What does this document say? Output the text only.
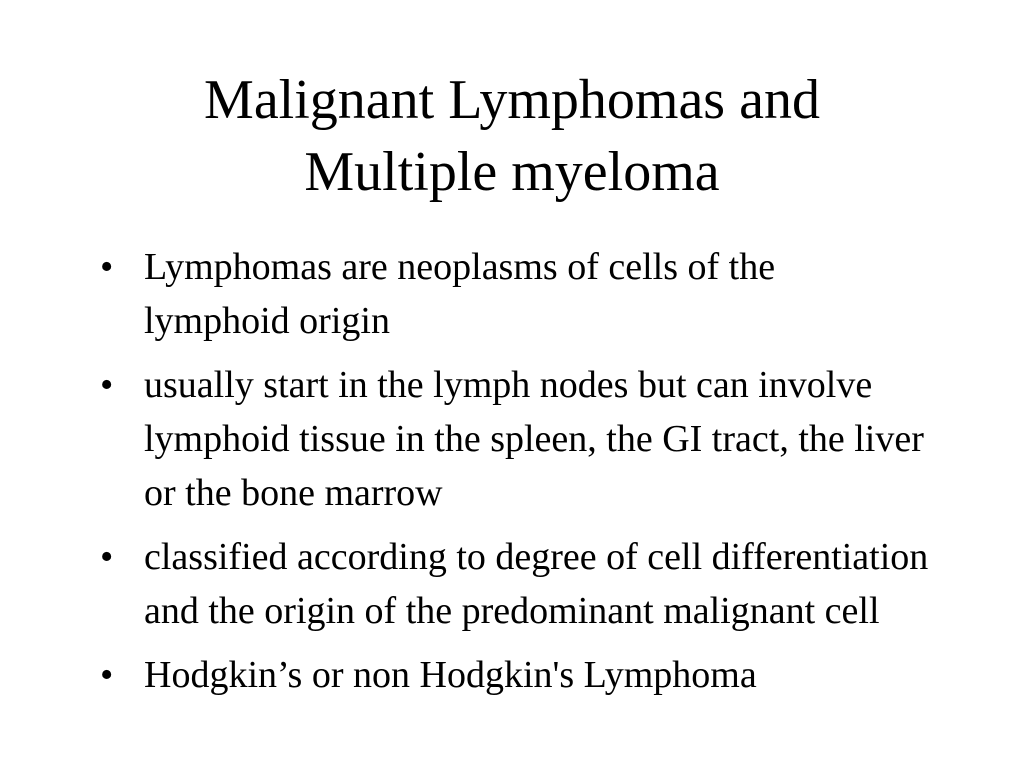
Malignant Lymphomas and
Multiple myeloma
• Lymphomas are neoplasms of cells of the lymphoid origin
• usually start in the lymph nodes but can involve lymphoid tissue in the spleen, the GI tract, the liver or the bone marrow
• classified according to degree of cell differentiation and the origin of the predominant malignant cell
• Hodgkin’s or non Hodgkin's Lymphoma
